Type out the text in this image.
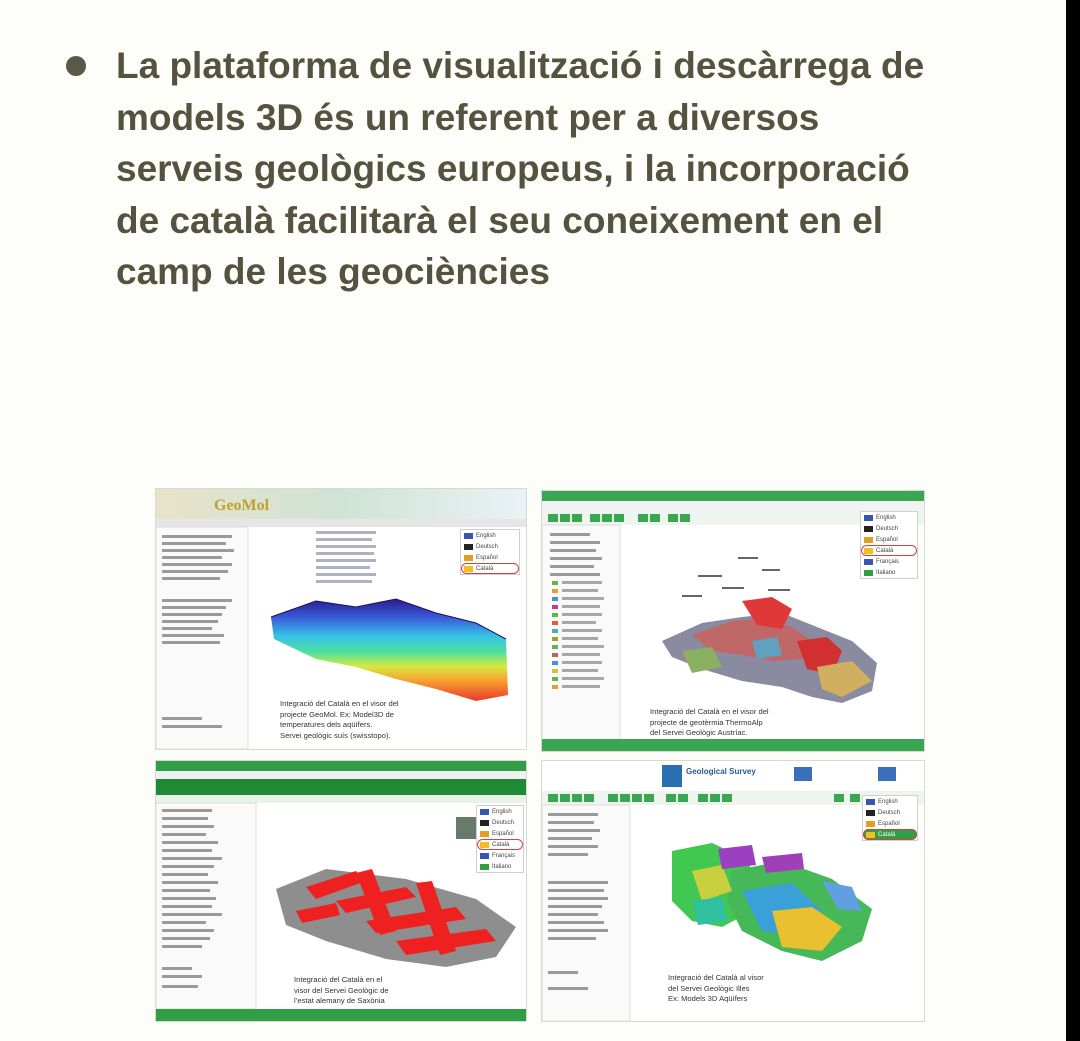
La plataforma de visualització i descàrrega de
models 3D és un referent per a diversos
serveis geològics europeus, i la incorporació
de català facilitarà el seu coneixement en el
camp de les geociències

GeoMol
English
Deutsch
Español
Català
Integració del Català en el visor del
projecte GeoMol. Ex: Model3D de
temperatures dels aqüífers.
Servei geològic suís (swisstopo).
English
Deutsch
Español
Català
Français
Italiano
Integració del Català en el visor del
projecte de geotèrmia ThermoAlp
del Servei Geològic Austríac.
English
Deutsch
Español
Català
Français
Italiano
Integració del Català en el
visor del Servei Geològic de
l’estat alemany de Saxònia
Geological Survey
English
Deutsch
Español
Català
Integració del Català al visor
del Servei Geològic Illes
Ex: Models 3D Aqüífers
